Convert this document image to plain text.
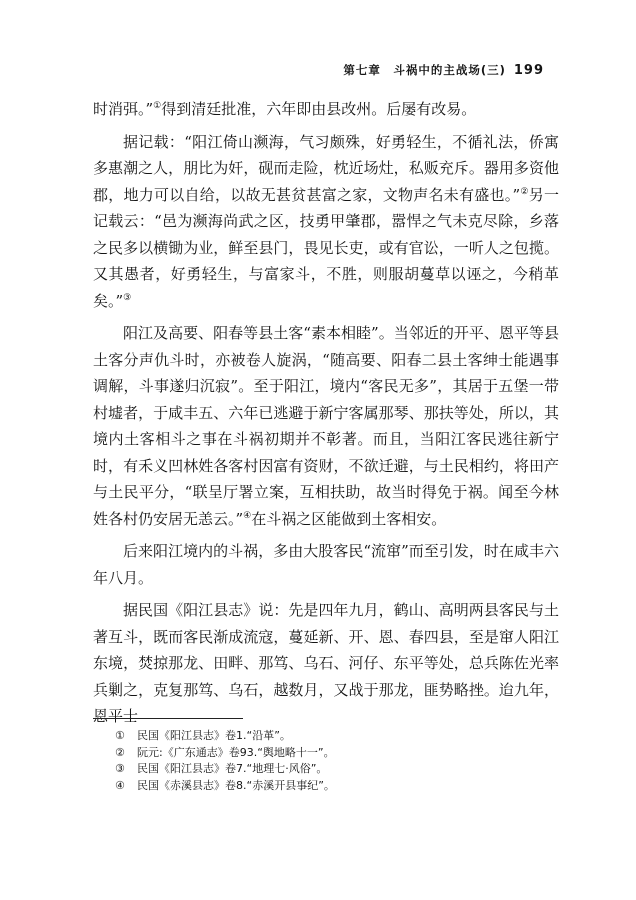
第七章　斗祸中的主战场(三) 199

时消弭。”①得到清廷批准，六年即由县改州。后屡有改易。

据记载：“阳江倚山濒海，气习颇殊，好勇轻生，不循礼法，侨寓多惠潮之人，朋比为奸，砚而走险，枕近场灶，私贩充斥。器用多资他郡，地力可以自给，以故无甚贫甚富之家，文物声名未有盛也。”②另一记载云：“邑为濒海尚武之区，技勇甲肇郡，嚣悍之气未克尽除，乡落之民多以横锄为业，鲜至县门，畏见长吏，或有官讼，一听人之包揽。又其愚者，好勇轻生，与富家斗，不胜，则服胡蔓草以诬之，今稍革矣。”③

阳江及高要、阳春等县土客“素本相睦”。当邻近的开平、恩平等县土客分声仇斗时，亦被卷人旋涡，“随高要、阳春二县土客绅士能遇事调解，斗事遂归沉寂”。至于阳江，境内“客民无多”，其居于五堡一带村墟者，于咸丰五、六年已逃避于新宁客属那琴、那扶等处，所以，其境内土客相斗之事在斗祸初期并不彰著。而且，当阳江客民逃往新宁时，有禾义凹林姓各客村因富有资财，不欲迁避，与土民相约，将田产与土民平分，“联呈厅署立案，互相扶助，故当时得免于祸。闻至今林姓各村仍安居无恙云。”④在斗祸之区能做到土客相安。

后来阳江境内的斗祸，多由大股客民“流窜”而至引发，时在咸丰六年八月。

据民国《阳江县志》说：先是四年九月，鹤山、高明两县客民与土著互斗，既而客民渐成流寇，蔓延新、开、恩、春四县，至是窜人阳江东境，焚掠那龙、田畔、那笃、乌石、河仔、东平等处，总兵陈佐光率兵剿之，克复那笃、乌石，越数月，又战于那龙，匪势略挫。迨九年，恩平士

①	民国《阳江县志》卷1.“沿革”。
②	阮元:《广东通志》卷93.“舆地略十一”。
③	民国《阳江县志》卷7.“地理七·风俗”。
④	民国《赤溪县志》卷8.“赤溪开县事纪”。
